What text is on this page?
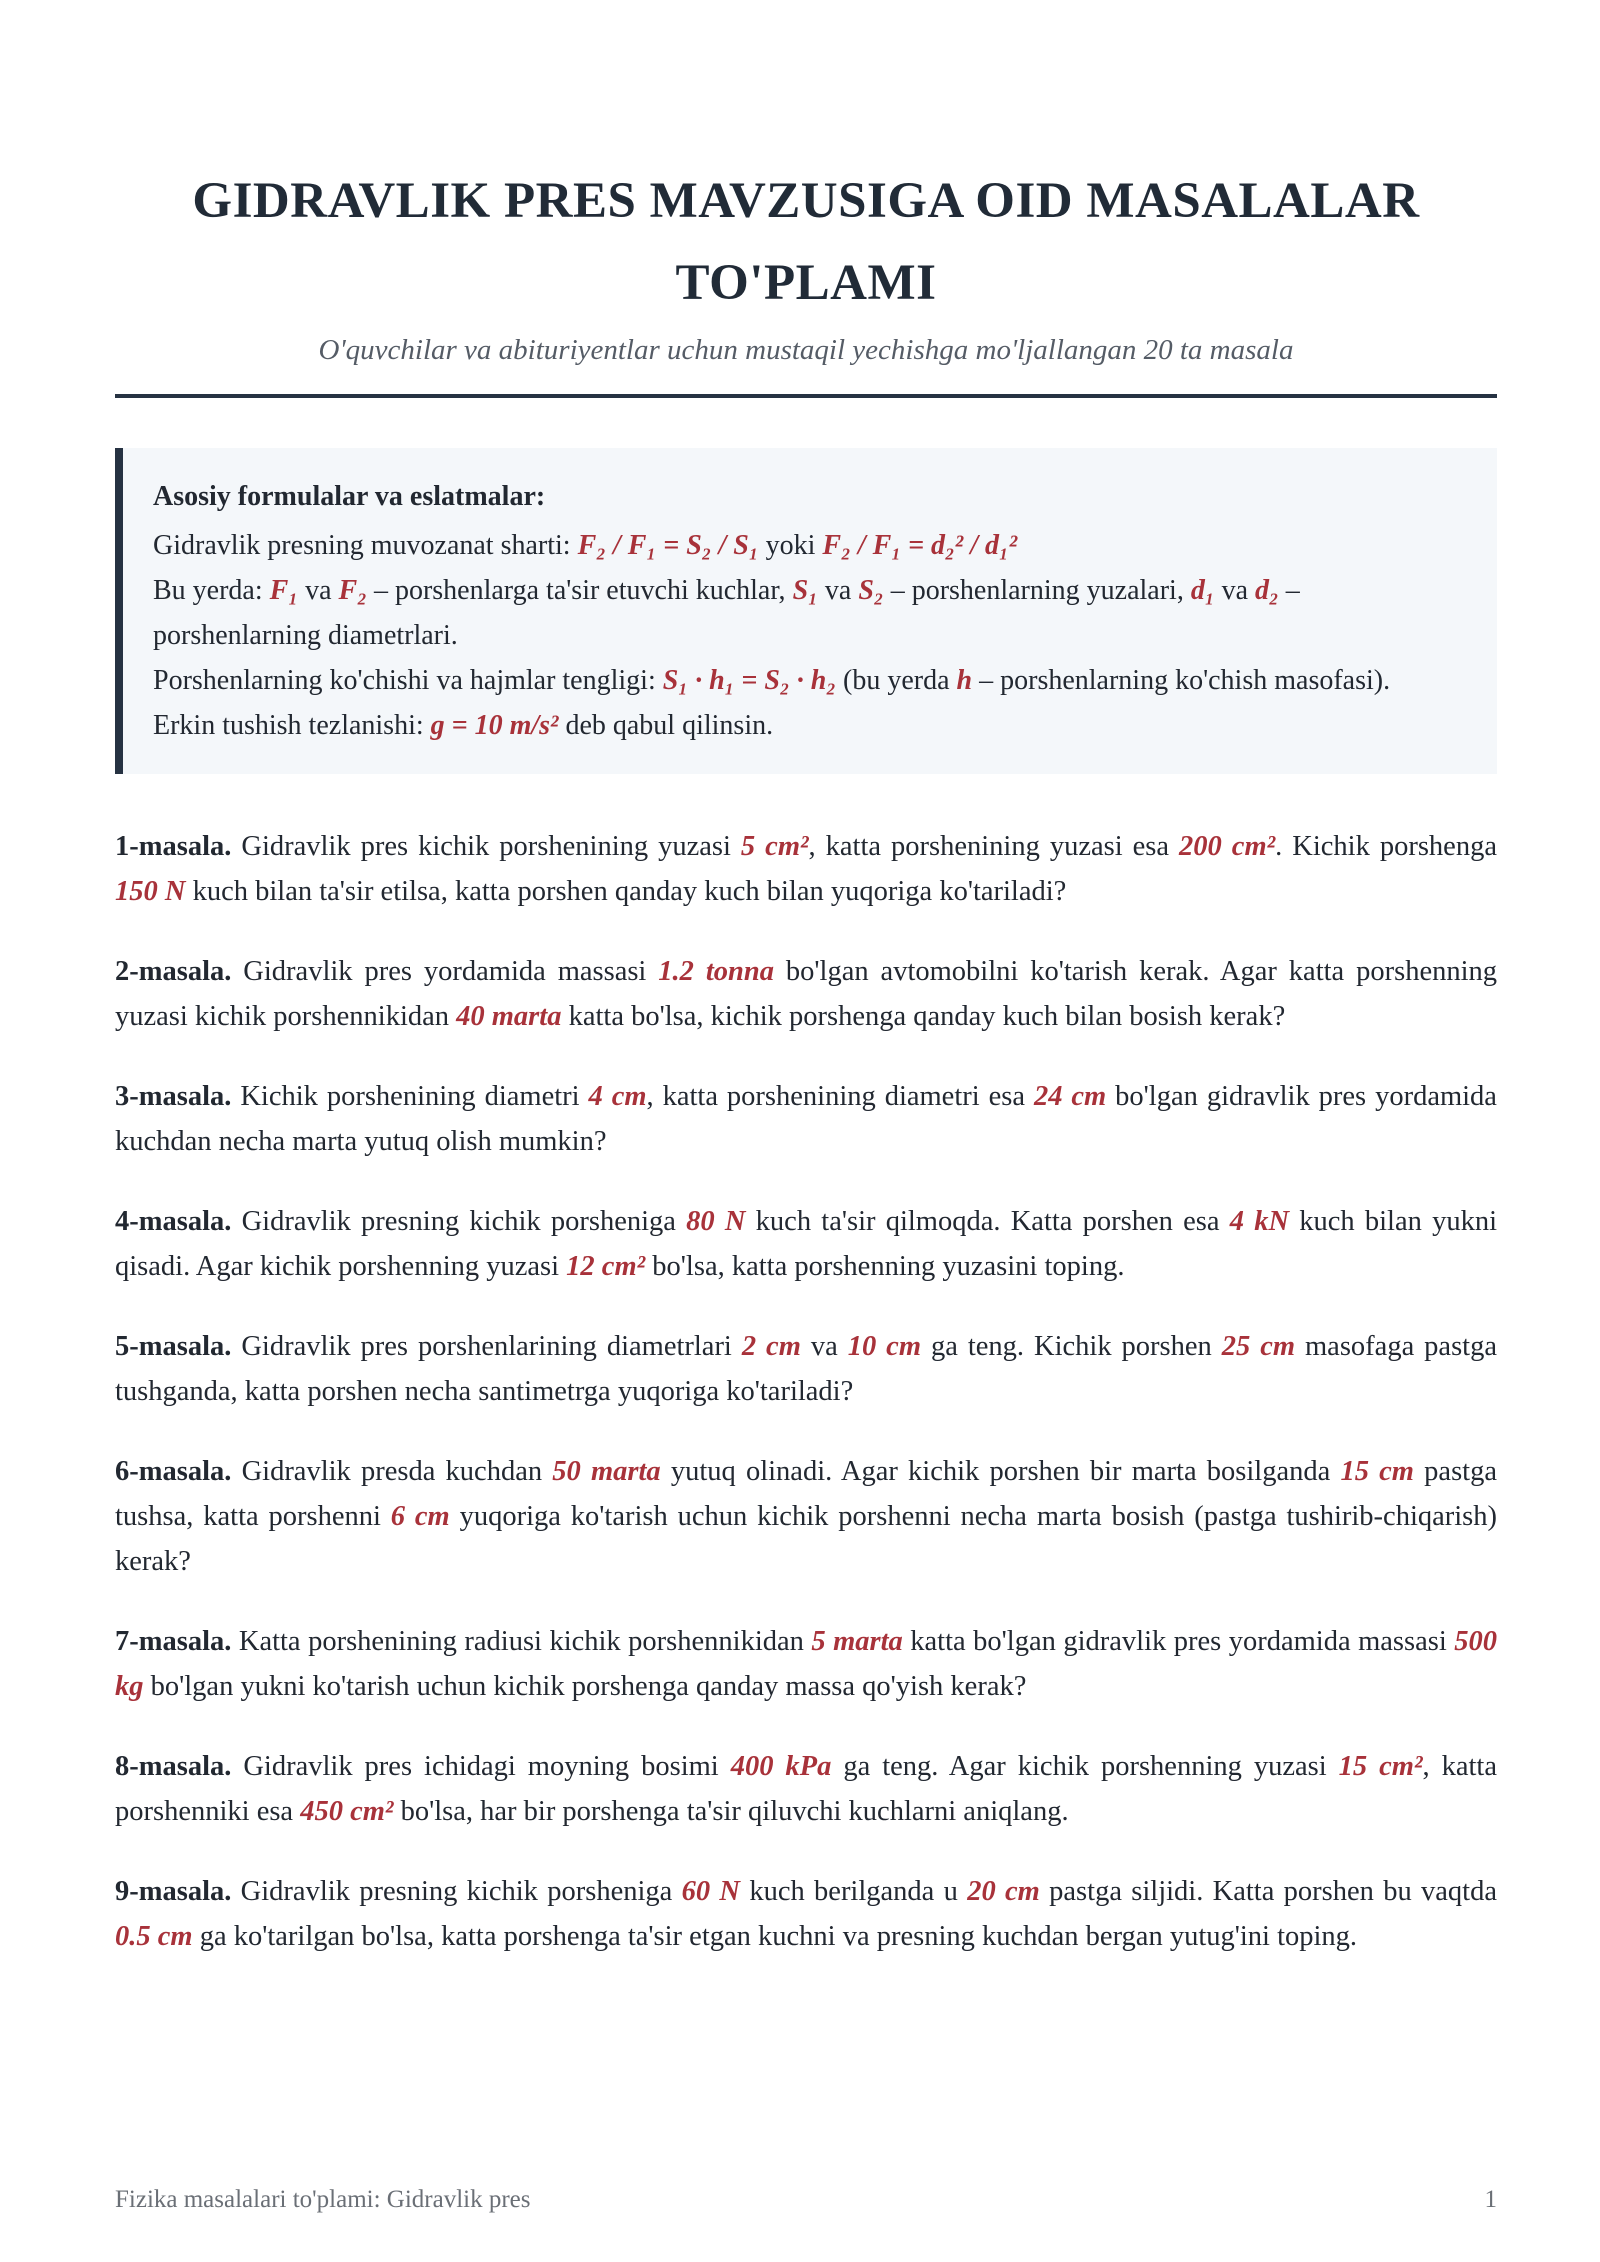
GIDRAVLIK PRES MAVZUSIGA OID MASALALAR TO'PLAMI
O'quvchilar va abituriyentlar uchun mustaqil yechishga mo'ljallangan 20 ta masala
Asosiy formulalar va eslatmalar:
Gidravlik presning muvozanat sharti: F₂ / F₁ = S₂ / S₁ yoki F₂ / F₁ = d₂² / d₁²
Bu yerda: F₁ va F₂ – porshenlarga ta'sir etuvchi kuchlar, S₁ va S₂ – porshenlarning yuzalari, d₁ va d₂ – porshenlarning diametrlari.
Porshenlarning ko'chishi va hajmlar tengligi: S₁ · h₁ = S₂ · h₂ (bu yerda h – porshenlarning ko'chish masofasi).
Erkin tushish tezlanishi: g = 10 m/s² deb qabul qilinsin.
1-masala. Gidravlik pres kichik porshenining yuzasi 5 cm², katta porshenining yuzasi esa 200 cm². Kichik porshenga 150 N kuch bilan ta'sir etilsa, katta porshen qanday kuch bilan yuqoriga ko'tariladi?
2-masala. Gidravlik pres yordamida massasi 1.2 tonna bo'lgan avtomobilni ko'tarish kerak. Agar katta porshenning yuzasi kichik porshennikidan 40 marta katta bo'lsa, kichik porshenga qanday kuch bilan bosish kerak?
3-masala. Kichik porshenining diametri 4 cm, katta porshenining diametri esa 24 cm bo'lgan gidravlik pres yordamida kuchdan necha marta yutuq olish mumkin?
4-masala. Gidravlik presning kichik porsheniga 80 N kuch ta'sir qilmoqda. Katta porshen esa 4 kN kuch bilan yukni qisadi. Agar kichik porshenning yuzasi 12 cm² bo'lsa, katta porshenning yuzasini toping.
5-masala. Gidravlik pres porshenlarining diametrlari 2 cm va 10 cm ga teng. Kichik porshen 25 cm masofaga pastga tushganda, katta porshen necha santimetrga yuqoriga ko'tariladi?
6-masala. Gidravlik presda kuchdan 50 marta yutuq olinadi. Agar kichik porshen bir marta bosilganda 15 cm pastga tushsa, katta porshenni 6 cm yuqoriga ko'tarish uchun kichik porshenni necha marta bosish (pastga tushirib-chiqarish) kerak?
7-masala. Katta porshenining radiusi kichik porshennikidan 5 marta katta bo'lgan gidravlik pres yordamida massasi 500 kg bo'lgan yukni ko'tarish uchun kichik porshenga qanday massa qo'yish kerak?
8-masala. Gidravlik pres ichidagi moyning bosimi 400 kPa ga teng. Agar kichik porshenning yuzasi 15 cm², katta porshenniki esa 450 cm² bo'lsa, har bir porshenga ta'sir qiluvchi kuchlarni aniqlang.
9-masala. Gidravlik presning kichik porsheniga 60 N kuch berilganda u 20 cm pastga siljidi. Katta porshen bu vaqtda 0.5 cm ga ko'tarilgan bo'lsa, katta porshenga ta'sir etgan kuchni va presning kuchdan bergan yutug'ini toping.
Fizika masalalari to'plami: Gidravlik pres	1
